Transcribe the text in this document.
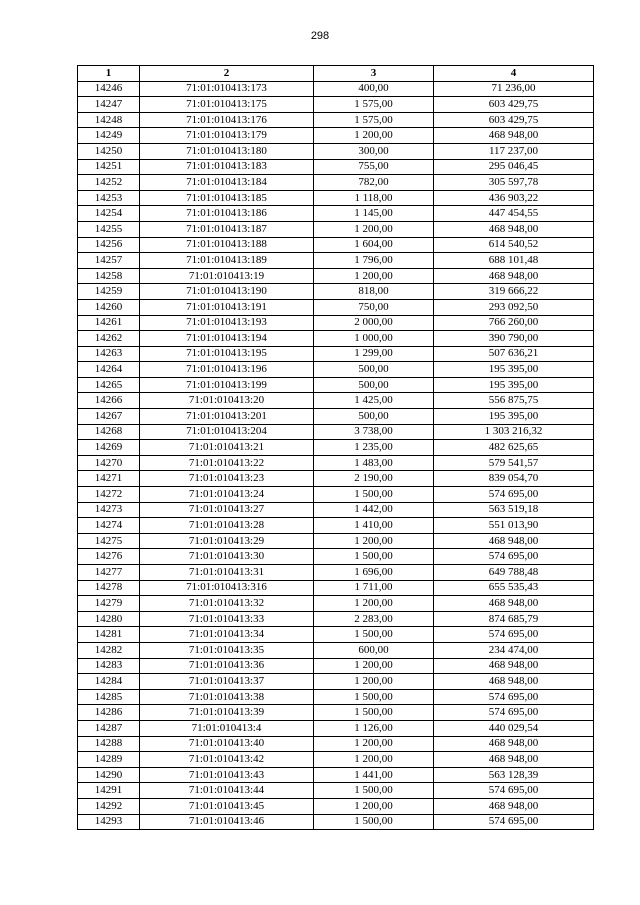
298
1	2	3	4
14246	71:01:010413:173	400,00	71 236,00
14247	71:01:010413:175	1 575,00	603 429,75
14248	71:01:010413:176	1 575,00	603 429,75
14249	71:01:010413:179	1 200,00	468 948,00
14250	71:01:010413:180	300,00	117 237,00
14251	71:01:010413:183	755,00	295 046,45
14252	71:01:010413:184	782,00	305 597,78
14253	71:01:010413:185	1 118,00	436 903,22
14254	71:01:010413:186	1 145,00	447 454,55
14255	71:01:010413:187	1 200,00	468 948,00
14256	71:01:010413:188	1 604,00	614 540,52
14257	71:01:010413:189	1 796,00	688 101,48
14258	71:01:010413:19	1 200,00	468 948,00
14259	71:01:010413:190	818,00	319 666,22
14260	71:01:010413:191	750,00	293 092,50
14261	71:01:010413:193	2 000,00	766 260,00
14262	71:01:010413:194	1 000,00	390 790,00
14263	71:01:010413:195	1 299,00	507 636,21
14264	71:01:010413:196	500,00	195 395,00
14265	71:01:010413:199	500,00	195 395,00
14266	71:01:010413:20	1 425,00	556 875,75
14267	71:01:010413:201	500,00	195 395,00
14268	71:01:010413:204	3 738,00	1 303 216,32
14269	71:01:010413:21	1 235,00	482 625,65
14270	71:01:010413:22	1 483,00	579 541,57
14271	71:01:010413:23	2 190,00	839 054,70
14272	71:01:010413:24	1 500,00	574 695,00
14273	71:01:010413:27	1 442,00	563 519,18
14274	71:01:010413:28	1 410,00	551 013,90
14275	71:01:010413:29	1 200,00	468 948,00
14276	71:01:010413:30	1 500,00	574 695,00
14277	71:01:010413:31	1 696,00	649 788,48
14278	71:01:010413:316	1 711,00	655 535,43
14279	71:01:010413:32	1 200,00	468 948,00
14280	71:01:010413:33	2 283,00	874 685,79
14281	71:01:010413:34	1 500,00	574 695,00
14282	71:01:010413:35	600,00	234 474,00
14283	71:01:010413:36	1 200,00	468 948,00
14284	71:01:010413:37	1 200,00	468 948,00
14285	71:01:010413:38	1 500,00	574 695,00
14286	71:01:010413:39	1 500,00	574 695,00
14287	71:01:010413:4	1 126,00	440 029,54
14288	71:01:010413:40	1 200,00	468 948,00
14289	71:01:010413:42	1 200,00	468 948,00
14290	71:01:010413:43	1 441,00	563 128,39
14291	71:01:010413:44	1 500,00	574 695,00
14292	71:01:010413:45	1 200,00	468 948,00
14293	71:01:010413:46	1 500,00	574 695,00
